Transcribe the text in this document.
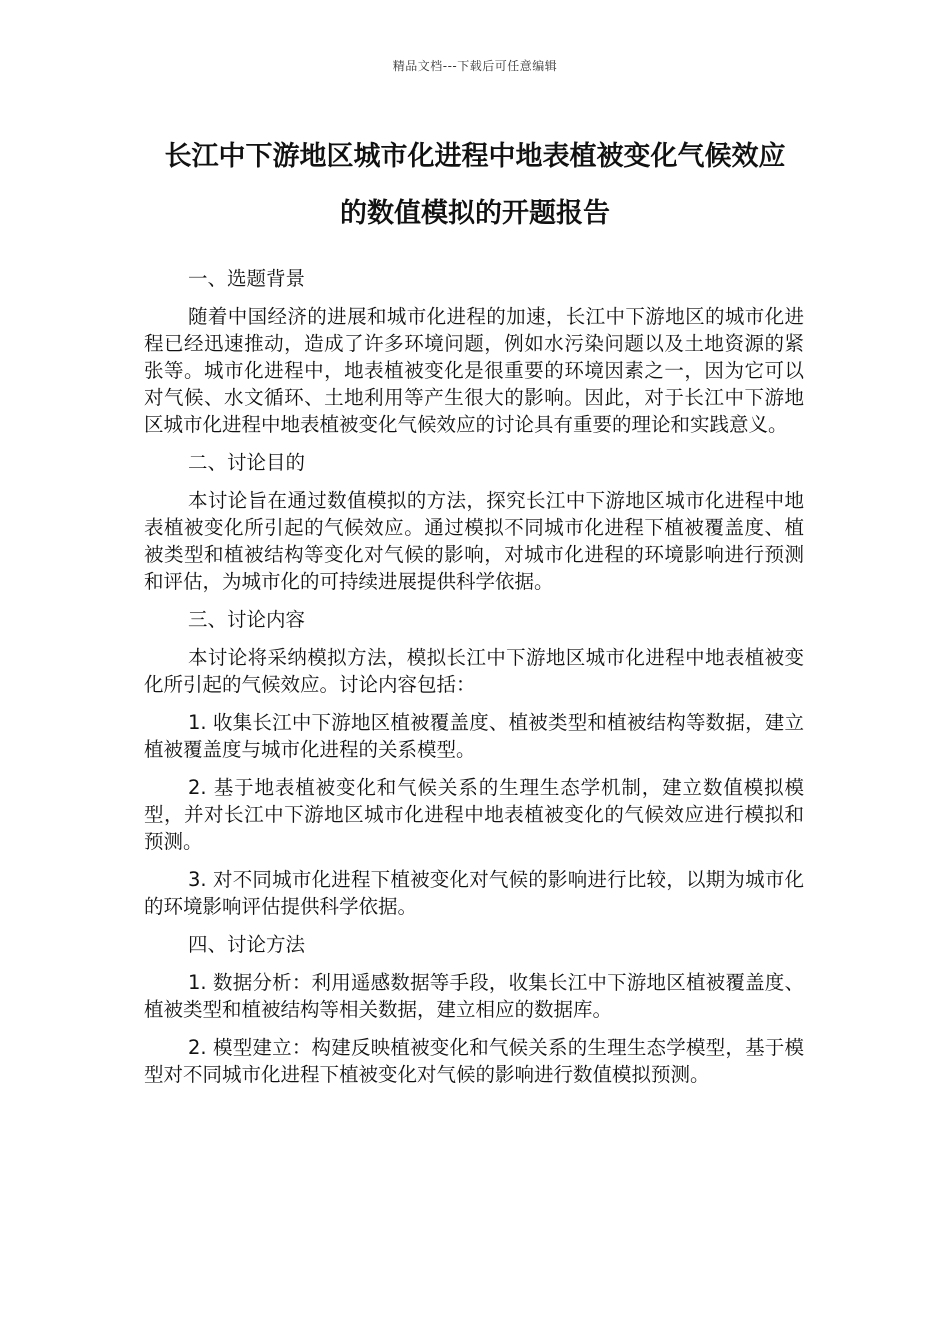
精品文档---下载后可任意编辑
长江中下游地区城市化进程中地表植被变化气候效应
的数值模拟的开题报告

一、选题背景

随着中国经济的进展和城市化进程的加速，长江中下游地区的城市化进程已经迅速推动，造成了许多环境问题，例如水污染问题以及土地资源的紧张等。城市化进程中，地表植被变化是很重要的环境因素之一，因为它可以对气候、水文循环、土地利用等产生很大的影响。因此，对于长江中下游地区城市化进程中地表植被变化气候效应的讨论具有重要的理论和实践意义。

二、讨论目的

本讨论旨在通过数值模拟的方法，探究长江中下游地区城市化进程中地表植被变化所引起的气候效应。通过模拟不同城市化进程下植被覆盖度、植被类型和植被结构等变化对气候的影响，对城市化进程的环境影响进行预测和评估，为城市化的可持续进展提供科学依据。

三、讨论内容

本讨论将采纳模拟方法，模拟长江中下游地区城市化进程中地表植被变化所引起的气候效应。讨论内容包括：

1. 收集长江中下游地区植被覆盖度、植被类型和植被结构等数据，建立植被覆盖度与城市化进程的关系模型。

2. 基于地表植被变化和气候关系的生理生态学机制，建立数值模拟模型，并对长江中下游地区城市化进程中地表植被变化的气候效应进行模拟和预测。

3. 对不同城市化进程下植被变化对气候的影响进行比较，以期为城市化的环境影响评估提供科学依据。

四、讨论方法

1. 数据分析：利用遥感数据等手段，收集长江中下游地区植被覆盖度、植被类型和植被结构等相关数据，建立相应的数据库。

2. 模型建立：构建反映植被变化和气候关系的生理生态学模型，基于模型对不同城市化进程下植被变化对气候的影响进行数值模拟预测。
